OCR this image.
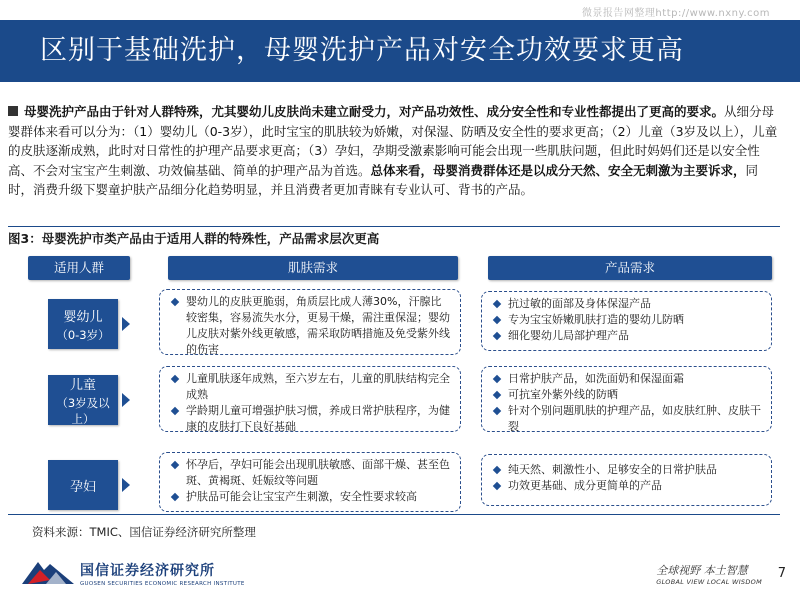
微景报告网整理http://www.nxny.com
区别于基础洗护，母婴洗护产品对安全功效要求更高
母婴洗护产品由于针对人群特殊，尤其婴幼儿皮肤尚未建立耐受力，对产品功效性、成分安全性和专业性都提出了更高的要求。从细分母婴群体来看可以分为：（1）婴幼儿（0-3岁），此时宝宝的肌肤较为娇嫩，对保湿、防晒及安全性的要求更高；（2）儿童（3岁及以上），儿童的皮肤逐渐成熟，此时对日常性的护理产品要求更高；（3）孕妇，孕期受激素影响可能会出现一些肌肤问题，但此时妈妈们还是以安全性高、不会对宝宝产生刺激、功效偏基础、简单的护理产品为首选。总体来看，母婴消费群体还是以成分天然、安全无刺激为主要诉求，同时，消费升级下婴童护肤产品细分化趋势明显，并且消费者更加青睐有专业认可、背书的产品。
图3：母婴洗护市类产品由于适用人群的特殊性，产品需求层次更高
适用人群	肌肤需求	产品需求
婴幼儿
（0-3岁）
婴幼儿的皮肤更脆弱，角质层比成人薄30%，汗腺比较密集，容易流失水分，更易干燥，需注重保湿；婴幼儿皮肤对紫外线更敏感，需采取防晒措施及免受紫外线的伤害
抗过敏的面部及身体保湿产品
专为宝宝娇嫩肌肤打造的婴幼儿防晒
细化婴幼儿局部护理产品
儿童
（3岁及以上）
儿童肌肤逐年成熟，至六岁左右，儿童的肌肤结构完全成熟
学龄期儿童可增强护肤习惯，养成日常护肤程序，为健康的皮肤打下良好基础
日常护肤产品，如洗面奶和保湿面霜
可抗室外紫外线的防晒
针对个别问题肌肤的护理产品，如皮肤红肿、皮肤干裂
孕妇
怀孕后，孕妇可能会出现肌肤敏感、面部干燥、甚至色斑、黄褐斑、妊娠纹等问题
护肤品可能会让宝宝产生刺激，安全性要求较高
纯天然、刺激性小、足够安全的日常护肤品
功效更基础、成分更简单的产品
资料来源：TMIC、国信证券经济研究所整理
国信证券经济研究所
GUOSEN SECURITIES ECONOMIC RESEARCH INSTITUTE
全球视野 本土智慧
GLOBAL VIEW LOCAL WISDOM
7
